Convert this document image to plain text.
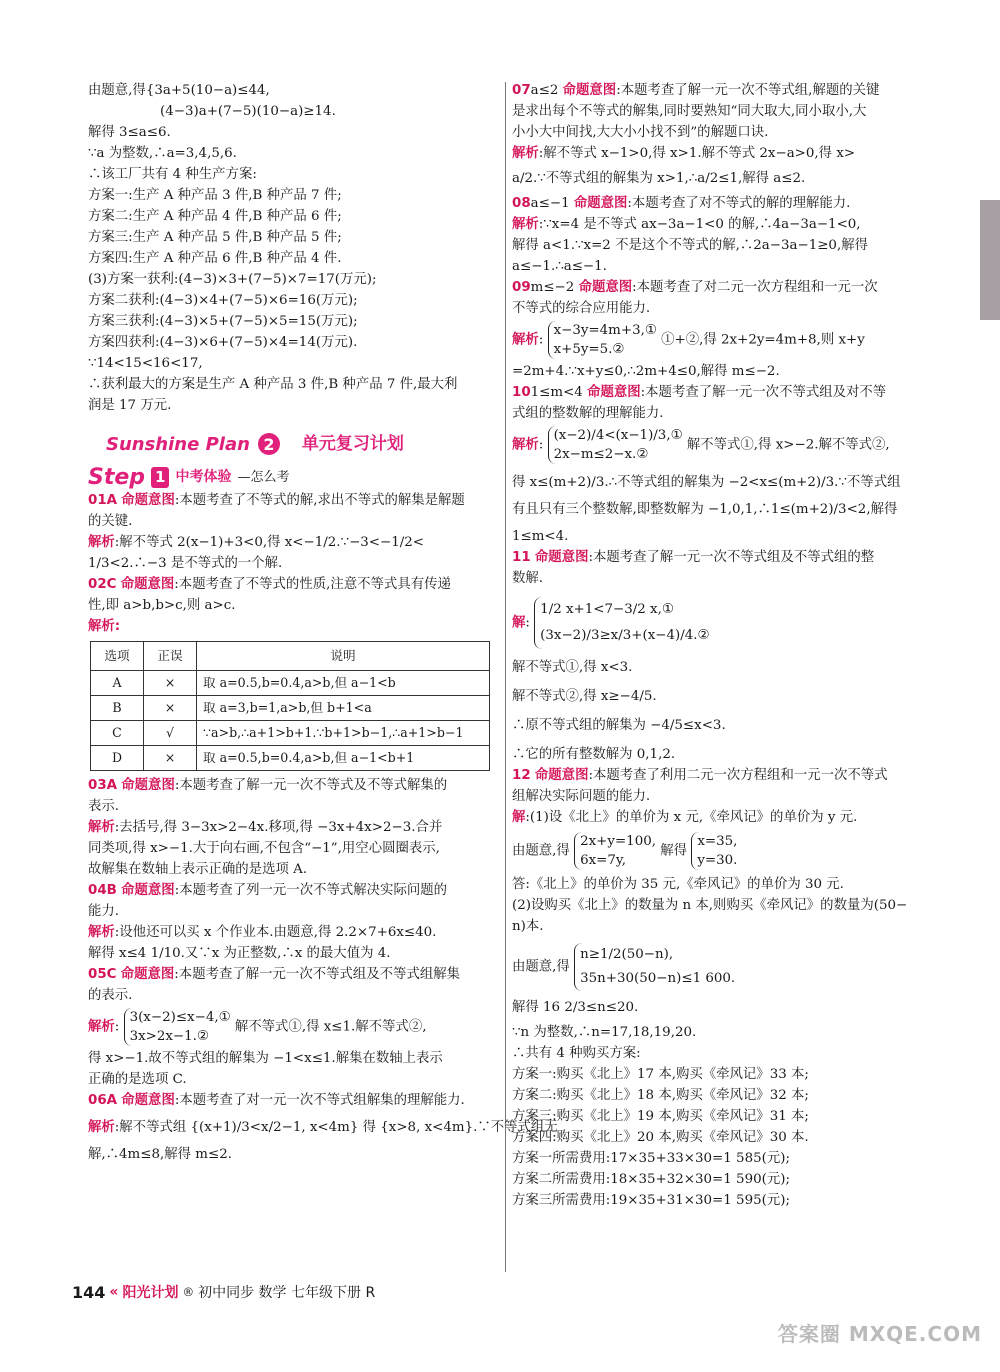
由题意,得{3a+5(10−a)≤44,
(4−3)a+(7−5)(10−a)≥14.
解得 3≤a≤6.
∵a 为整数,∴a=3,4,5,6.
∴该工厂共有 4 种生产方案:
方案一:生产 A 种产品 3 件,B 种产品 7 件;
方案二:生产 A 种产品 4 件,B 种产品 6 件;
方案三:生产 A 种产品 5 件,B 种产品 5 件;
方案四:生产 A 种产品 6 件,B 种产品 4 件.
(3)方案一获利:(4−3)×3+(7−5)×7=17(万元);
方案二获利:(4−3)×4+(7−5)×6=16(万元);
方案三获利:(4−3)×5+(7−5)×5=15(万元);
方案四获利:(4−3)×6+(7−5)×4=14(万元).
∵14<15<16<17,
∴获利最大的方案是生产 A 种产品 3 件,B 种产品 7 件,最大利
润是 17 万元.
Sunshine Plan 2	单元复习计划
Step 1 中考体验 —怎么考
01A 命题意图:本题考查了不等式的解,求出不等式的解集是解题
的关键.
解析:解不等式 2(x−1)+3<0,得 x<−1/2.∵−3<−1/2<
1/3<2.∴−3 是不等式的一个解.
02C 命题意图:本题考查了不等式的性质,注意不等式具有传递
性,即 a>b,b>c,则 a>c.
解析:
选项	正误	说明
A	×	取 a=0.5,b=0.4,a>b,但 a−1<b
B	×	取 a=3,b=1,a>b,但 b+1<a
C	√	∵a>b,∴a+1>b+1.∵b+1>b−1,∴a+1>b−1
D	×	取 a=0.5,b=0.4,a>b,但 a−1<b+1
03A 命题意图:本题考查了解一元一次不等式及不等式解集的
表示.
解析:去括号,得 3−3x>2−4x.移项,得 −3x+4x>2−3.合并
同类项,得 x>−1.大于向右画,不包含“−1”,用空心圆圈表示,
故解集在数轴上表示正确的是选项 A.
04B 命题意图:本题考查了列一元一次不等式解决实际问题的
能力.
解析:设他还可以买 x 个作业本.由题意,得 2.2×7+6x≤40.
解得 x≤4 1/10.又∵x 为正整数,∴x 的最大值为 4.
05C 命题意图:本题考查了解一元一次不等式组及不等式组解集
的表示.
解析: 3(x−2)≤x−4,①
3x>2x−1.② 解不等式①,得 x≤1.解不等式②,
得 x>−1.故不等式组的解集为 −1<x≤1.解集在数轴上表示
正确的是选项 C.
06A 命题意图:本题考查了对一元一次不等式组解集的理解能力.
解析:解不等式组 {(x+1)/3<x/2−1, x<4m} 得 {x>8, x<4m}.∵不等式组无
解,∴4m≤8,解得 m≤2.
07a≤2 命题意图:本题考查了解一元一次不等式组,解题的关键
是求出每个不等式的解集,同时要熟知“同大取大,同小取小,大
小小大中间找,大大小小找不到”的解题口诀.
解析:解不等式 x−1>0,得 x>1.解不等式 2x−a>0,得 x>
a/2.∵不等式组的解集为 x>1,∴a/2≤1,解得 a≤2.
08a≤−1 命题意图:本题考查了对不等式的解的理解能力.
解析:∵x=4 是不等式 ax−3a−1<0 的解,∴4a−3a−1<0,
解得 a<1.∵x=2 不是这个不等式的解,∴2a−3a−1≥0,解得
a≤−1.∴a≤−1.
09m≤−2 命题意图:本题考查了对二元一次方程组和一元一次
不等式的综合应用能力.
解析: x−3y=4m+3,①
x+5y=5.② ①+②,得 2x+2y=4m+8,则 x+y
=2m+4.∵x+y≤0,∴2m+4≤0,解得 m≤−2.
101≤m<4 命题意图:本题考查了解一元一次不等式组及对不等
式组的整数解的理解能力.
解析: (x−2)/4<(x−1)/3,①
2x−m≤2−x.② 解不等式①,得 x>−2.解不等式②,
得 x≤(m+2)/3.∴不等式组的解集为 −2<x≤(m+2)/3.∵不等式组
有且只有三个整数解,即整数解为 −1,0,1,∴1≤(m+2)/3<2,解得
1≤m<4.
11 命题意图:本题考查了解一元一次不等式组及不等式组的整
数解.
解: 1/2 x+1<7−3/2 x,①
(3x−2)/3≥x/3+(x−4)/4.②
解不等式①,得 x<3.
解不等式②,得 x≥−4/5.
∴原不等式组的解集为 −4/5≤x<3.
∴它的所有整数解为 0,1,2.
12 命题意图:本题考查了利用二元一次方程组和一元一次不等式
组解决实际问题的能力.
解:(1)设《北上》的单价为 x 元,《牵风记》的单价为 y 元.
由题意,得 2x+y=100,
6x=7y, 解得 x=35,
y=30.
答:《北上》的单价为 35 元,《牵风记》的单价为 30 元.
(2)设购买《北上》的数量为 n 本,则购买《牵风记》的数量为(50−
n)本.
由题意,得 n≥1/2(50−n),
35n+30(50−n)≤1 600.
解得 16 2/3≤n≤20.
∵n 为整数,∴n=17,18,19,20.
∴共有 4 种购买方案:
方案一:购买《北上》17 本,购买《牵风记》33 本;
方案二:购买《北上》18 本,购买《牵风记》32 本;
方案三:购买《北上》19 本,购买《牵风记》31 本;
方案四:购买《北上》20 本,购买《牵风记》30 本.
方案一所需费用:17×35+33×30=1 585(元);
方案二所需费用:18×35+32×30=1 590(元);
方案三所需费用:19×35+31×30=1 595(元);
144 « 阳光计划 ® 初中同步 数学 七年级下册 R
答案圈 MXQE.COM
